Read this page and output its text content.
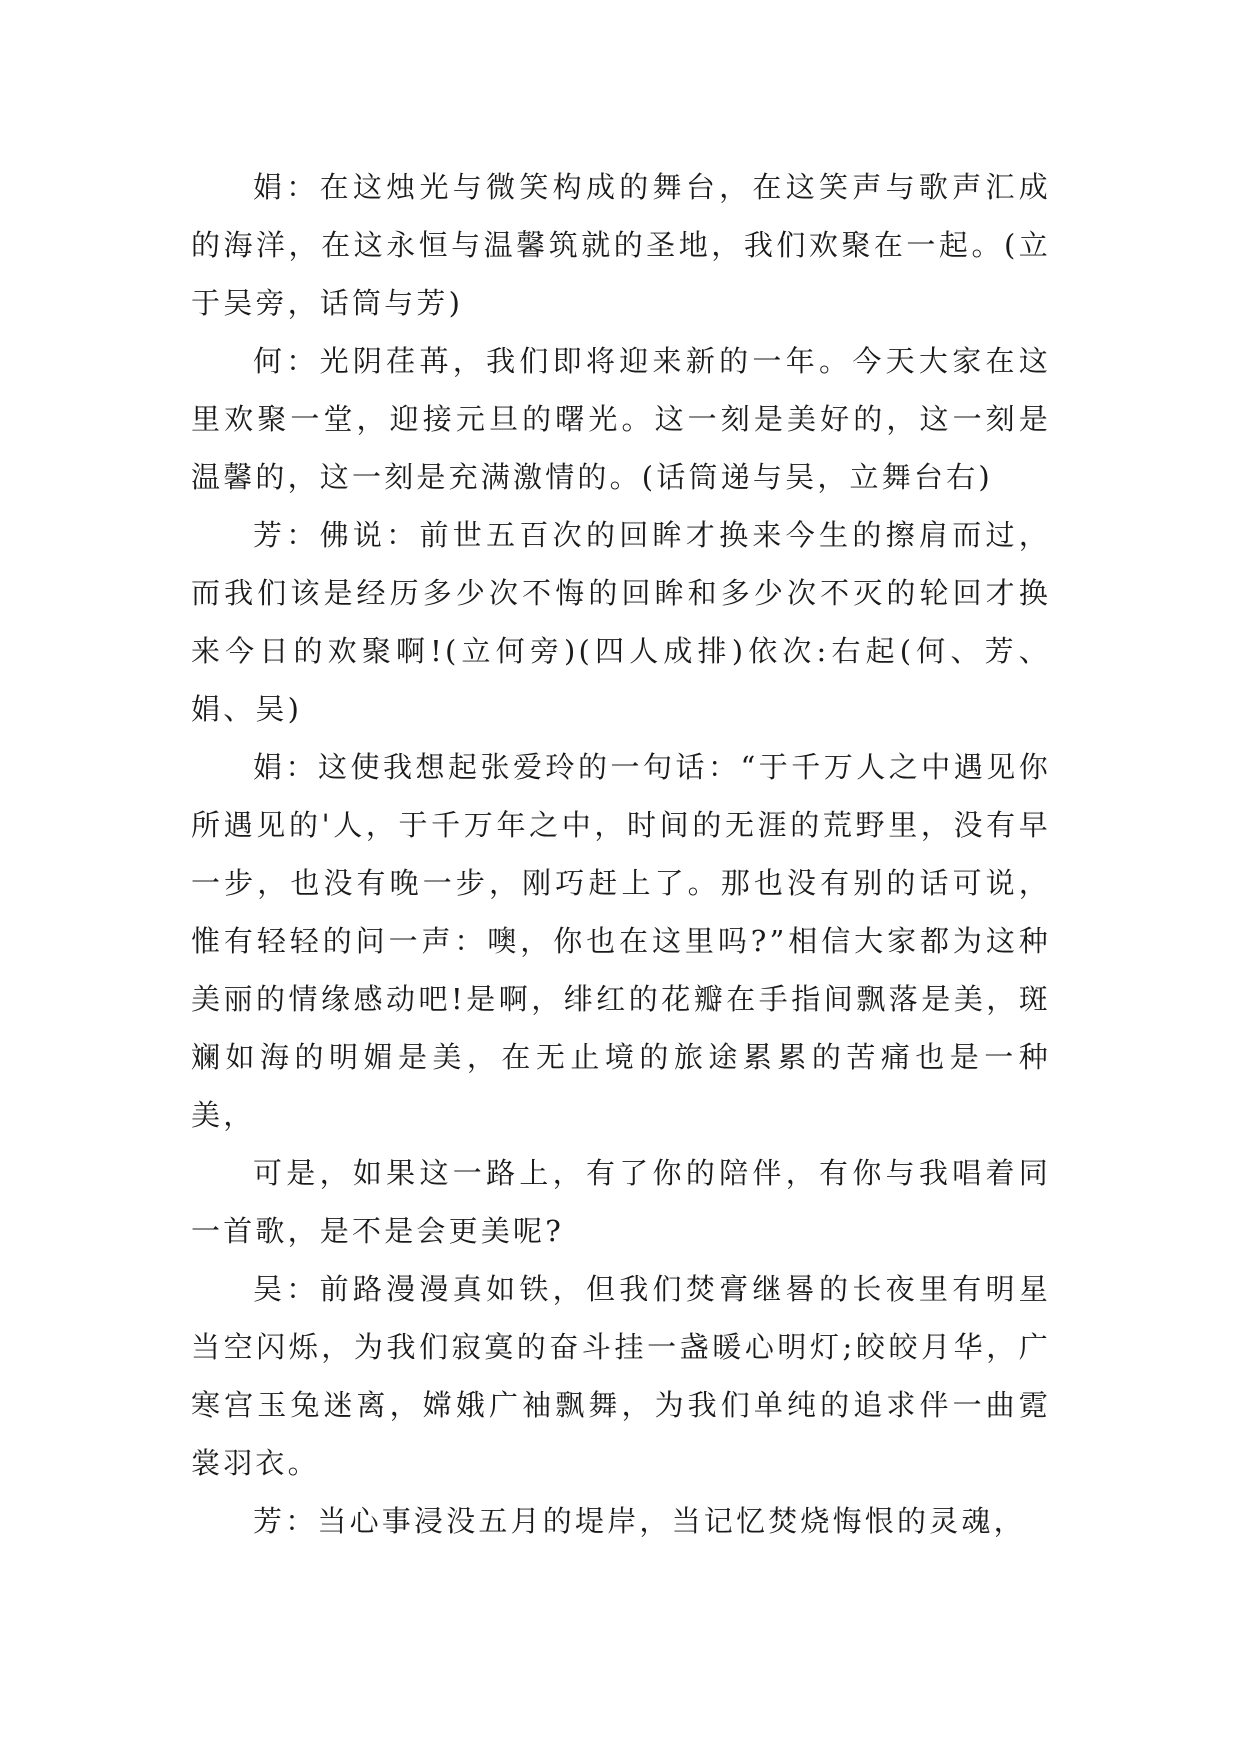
娟：在这烛光与微笑构成的舞台，在这笑声与歌声汇成的海洋，在这永恒与温馨筑就的圣地，我们欢聚在一起。(立于吴旁，话筒与芳)

何：光阴荏苒，我们即将迎来新的一年。今天大家在这里欢聚一堂，迎接元旦的曙光。这一刻是美好的，这一刻是温馨的，这一刻是充满激情的。(话筒递与吴，立舞台右)

芳：佛说：前世五百次的回眸才换来今生的擦肩而过，而我们该是经历多少次不悔的回眸和多少次不灭的轮回才换来今日的欢聚啊!(立何旁)(四人成排)依次:右起(何、芳、娟、吴)

娟：这使我想起张爱玲的一句话：“于千万人之中遇见你所遇见的'人，于千万年之中，时间的无涯的荒野里，没有早一步，也没有晚一步，刚巧赶上了。那也没有别的话可说，惟有轻轻的问一声：噢，你也在这里吗?”相信大家都为这种美丽的情缘感动吧!是啊，绯红的花瓣在手指间飘落是美，斑斓如海的明媚是美，在无止境的旅途累累的苦痛也是一种美，

可是，如果这一路上，有了你的陪伴，有你与我唱着同一首歌，是不是会更美呢?

吴：前路漫漫真如铁，但我们焚膏继晷的长夜里有明星当空闪烁，为我们寂寞的奋斗挂一盏暖心明灯;皎皎月华，广寒宫玉兔迷离，嫦娥广袖飘舞，为我们单纯的追求伴一曲霓裳羽衣。

芳：当心事浸没五月的堤岸，当记忆焚烧悔恨的灵魂，
